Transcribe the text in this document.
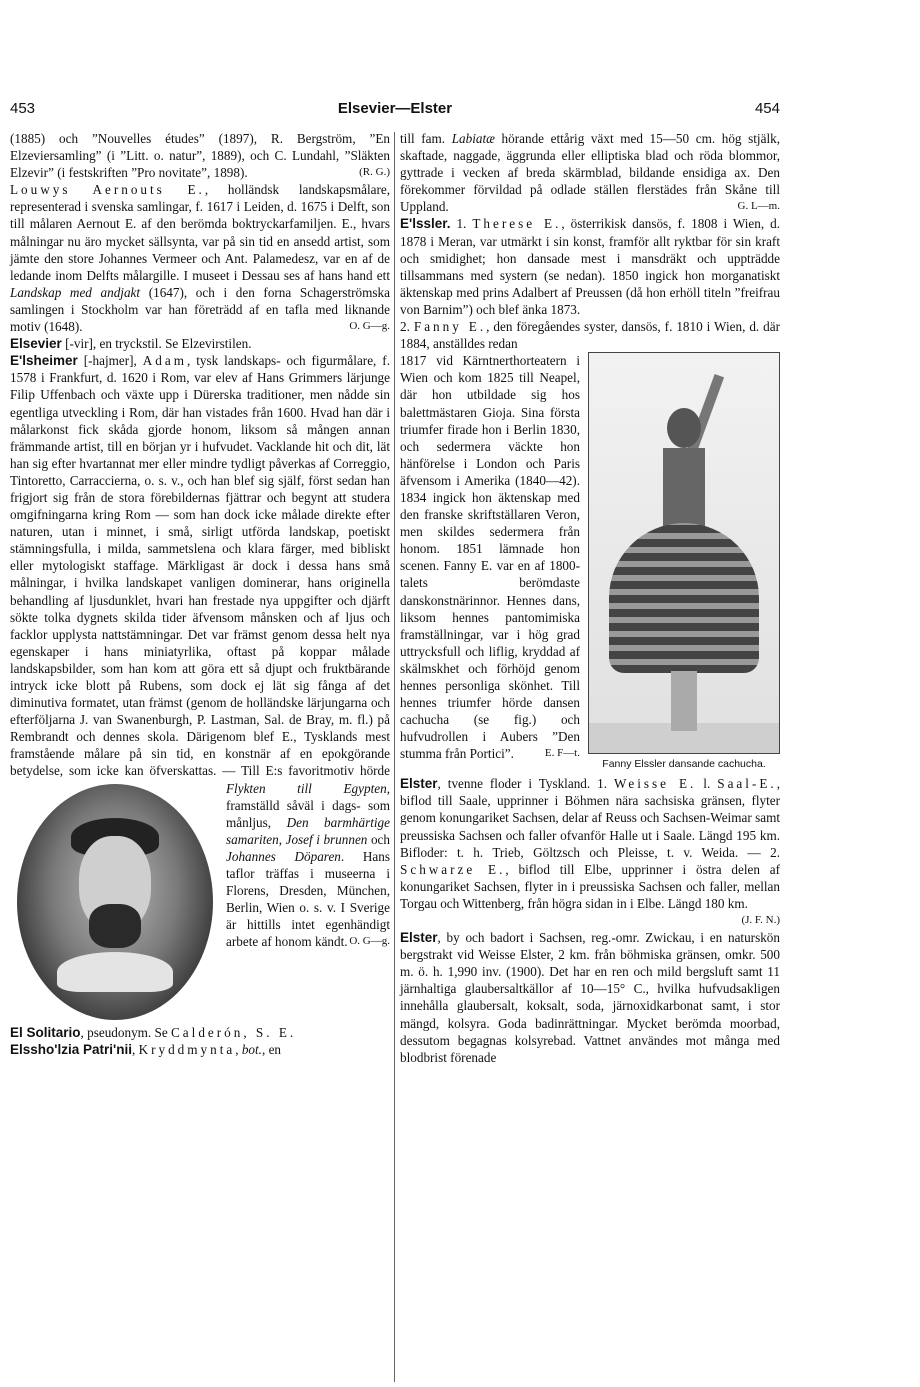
453	Elsevier—Elster	454

(1885) och ”Nouvelles études” (1897), R. Bergström, ”En Elzeviersamling” (i ”Litt. o. natur”, 1889), och C. Lundahl, ”Släkten Elzevir” (i festskriften ”Pro novitate”, 1898).	(R. G.)

Louwys Aernouts E., holländsk landskapsmålare, representerad i svenska samlingar, f. 1617 i Leiden, d. 1675 i Delft, son till målaren Aernout E. af den berömda boktryckarfamiljen. E., hvars målningar nu äro mycket sällsynta, var på sin tid en ansedd artist, som jämte den store Johannes Vermeer och Ant. Palamedesz, var en af de ledande inom Delfts målargille. I museet i Dessau ses af hans hand ett Landskap med andjakt (1647), och i den forna Schagerströmska samlingen i Stockholm var han företrädd af en tafla med liknande motiv (1648).	O. G—g.

Elsevier [-vir], en tryckstil. Se Elzevirstilen.

E'lsheimer [-hajmer], Adam, tysk landskaps- och figurmålare, f. 1578 i Frankfurt, d. 1620 i Rom, var elev af Hans Grimmers lärjunge Filip Uffenbach och växte upp i Dürerska traditioner, men nådde sin egentliga utveckling i Rom, där han vistades från 1600. Hvad han där i målarkonst fick skåda gjorde honom, liksom så mången annan främmande artist, till en början yr i hufvudet. Vacklande hit och dit, lät han sig efter hvartannat mer eller mindre tydligt påverkas af Correggio, Tintoretto, Carracciernа, o. s. v., och han blef sig själf, först sedan han frigjort sig från de stora förebildernas fjättrar och begynt att studera omgifningarna kring Rom — som han dock icke målade direkte efter naturen, utan i minnet, i små, sirligt utförda landskap, poetiskt stämningsfulla, i milda, sammetslena och klara färger, med bibliskt eller mytologiskt staffage. Märkligast är dock i dessa hans små målningar, i hvilka landskapet vanligen dominerar, hans originella behandling af ljusdunklet, hvari han frestade nya uppgifter och djärft sökte tolka dygnets skilda tider äfvensom månsken och af ljus och facklor upplysta nattstämningar. Det var främst genom dessa helt nya egenskaper i hans miniatyrlika, oftast på koppar målade landskapsbilder, som han kom att göra ett så djupt och fruktbärande intryck icke blott på Rubens, som dock ej lät sig fånga af det diminutiva formatet, utan främst (genom de holländske lärjungarna och efterföljarna J. van Swanenburgh, P. Lastman, Sal. de Bray, m. fl.) på Rembrandt och dennes skola. Därigenom blef E., Tysklands mest framstående målare på sin tid, en konstnär af en epokgörande betydelse, som icke kan öfverskattas. — Till E:s favoritmotiv hörde
Flykten till Egypten, framställd såväl i dags- som månljus, Den barmhärtige samariten, Josef i brunnen och Johannes Döparen. Hans taflor träffas i museerna i Florens, Dresden, München, Berlin, Wien o. s. v. I Sverige är hittills intet egenhändigt arbete af honom kändt. O. G—g.

El Solitario, pseudonym. Se Calderón, S. E.

Elssho'lzia Patri'nii, Kryddmynta, bot., en

till fam. Labiatæ hörande ettårig växt med 15—50 cm. hög stjälk, skaftade, naggade, äggrunda eller elliptiska blad och röda blommor, gyttrade i vecken af breda skärmblad, bildande ensidiga ax. Den förekommer förvildad på odlade ställen flerstädes från Skåne till Uppland.	G. L—m.

E'lssler. 1. Therese E., österrikisk dansös, f. 1808 i Wien, d. 1878 i Meran, var utmärkt i sin konst, framför allt ryktbar för sin kraft och smidighet; hon dansade mest i mansdräkt och uppträdde tillsammans med systern (se nedan). 1850 ingick hon morganatiskt äktenskap med prins Adalbert af Preussen (då hon erhöll titeln ”freifrau von Barnim”) och blef änka 1873.

2. Fanny E., den föregåendes syster, dansös, f. 1810 i Wien, d. där 1884, anställdes redan

Fanny Elssler dansande cachucha.

1817 vid Kärntnerthorteatern i Wien och kom 1825 till Neapel, där hon utbildade sig hos balettmästaren Gioja. Sina första triumfer firade hon i Berlin 1830, och sedermera väckte hon hänförelse i London och Paris äfvensom i Amerika (1840—42). 1834 ingick hon äktenskap med den franske skriftställaren Veron, men skildes sedermera från honom. 1851 lämnade hon scenen. Fanny E. var en af 1800-talets berömdaste danskonstnärinnor. Hennes dans, liksom hennes pantomimiska framställningar, var i hög grad uttrycksfull och liflig, kryddad af skälmskhet och förhöjd genom hennes personliga skönhet. Till hennes triumfer hörde dansen cachucha (se fig.) och hufvudrollen i Aubers ”Den stumma från Portici”.	E. F—t.

Elster, tvenne floder i Tyskland. 1. Weisse E. l. Saal-E., biflod till Saale, upprinner i Böhmen nära sachsiska gränsen, flyter genom konungariket Sachsen, delar af Reuss och Sachsen-Weimar samt preussiska Sachsen och faller ofvanför Halle ut i Saale. Längd 195 km. Bifloder: t. h. Trieb, Göltzsch och Pleisse, t. v. Weida. — 2. Schwarze E., biflod till Elbe, upprinner i östra delen af konungariket Sachsen, flyter in i preussiska Sachsen och faller, mellan Torgau och Wittenberg, från högra sidan in i Elbe. Längd 180 km.
(J. F. N.)

Elster, by och badort i Sachsen, reg.-omr. Zwickau, i en naturskön bergstrakt vid Weisse Elster, 2 km. från böhmiska gränsen, omkr. 500 m. ö. h. 1,990 inv. (1900). Det har en ren och mild bergsluft samt 11 järnhaltiga glaubersaltkällor af 10—15° C., hvilka hufvudsakligen innehålla glaubersalt, koksalt, soda, järnoxidkarbonat samt, i stor mängd, kolsyra. Goda badinrättningar. Mycket berömda moorbad, dessutom begagnas kolsyrebad. Vattnet användes mot många med blodbrist förenade
